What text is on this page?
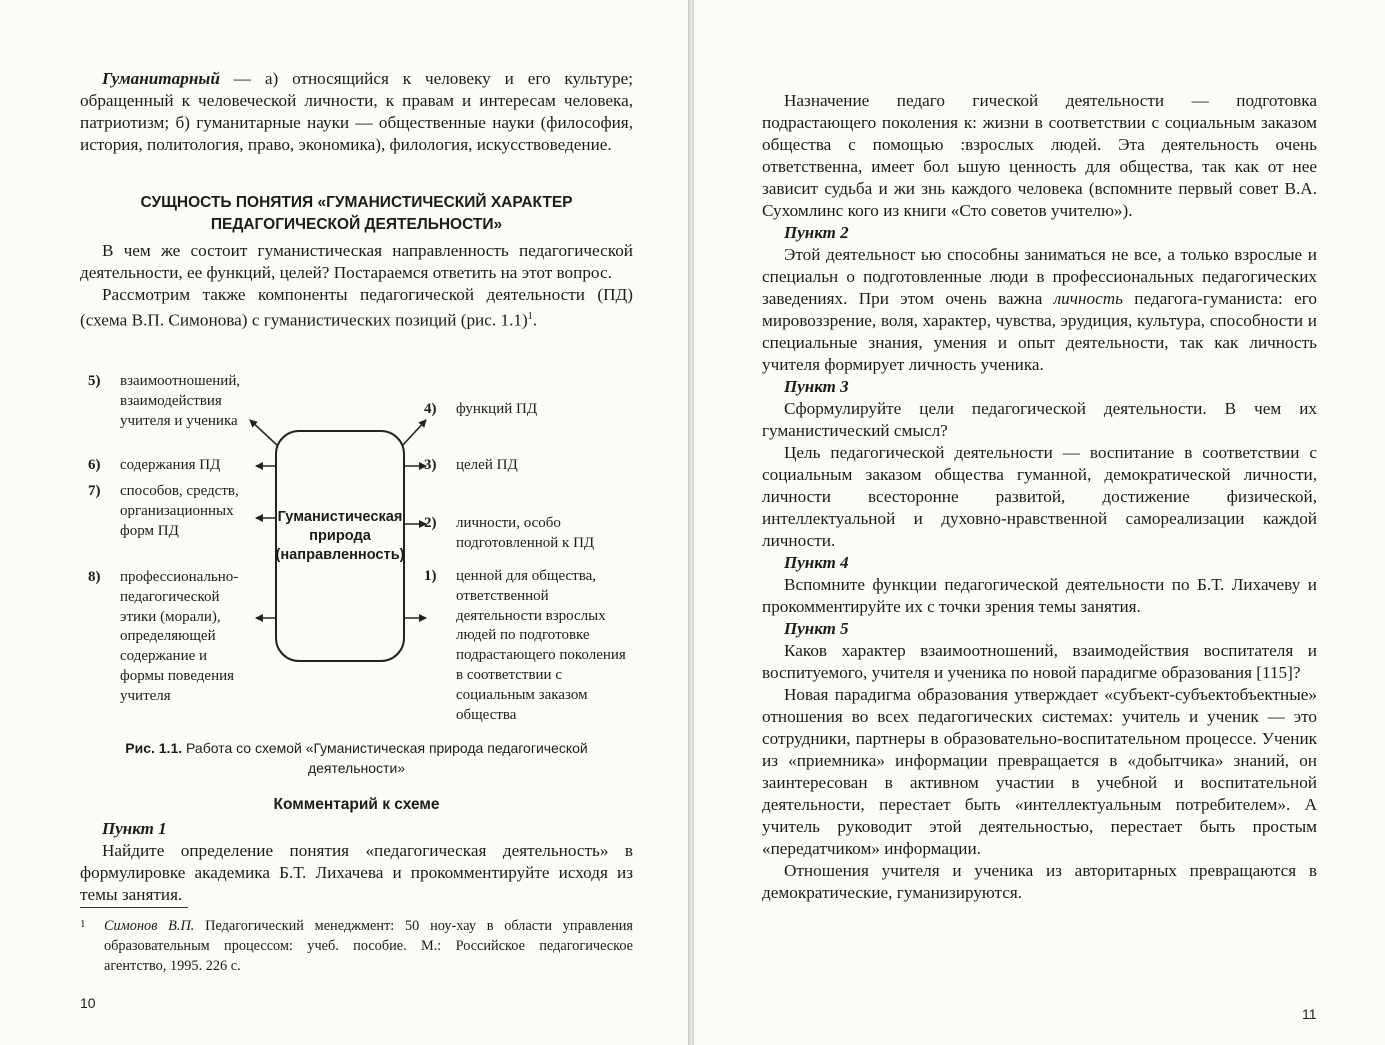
Гуманитарный — а) относящийся к человеку и его культуре; обращенный к человеческой личности, к правам и интересам человека, патриотизм; б) гуманитарные науки — общественные науки (философия, история, политология, право, экономика), филология, искусствоведение.

СУЩНОСТЬ ПОНЯТИЯ «ГУМАНИСТИЧЕСКИЙ ХАРАКТЕР ПЕДАГОГИЧЕСКОЙ ДЕЯТЕЛЬНОСТИ»

В чем же состоит гуманистическая направленность педагогической деятельности, ее функций, целей? Постараемся ответить на этот вопрос.

Рассмотрим также компоненты педагогической деятельности (ПД) (схема В.П. Симонова) с гуманистических позиций (рис. 1.1)$^1$.

Гуманистическая природа (направленность)
5) взаимоотношений, взаимодействия учителя и ученика
6) содержания ПД
7) способов, средств, организационных форм ПД
8) профессионально-педагогической этики (морали), определяющей содержание и формы поведения учителя
4) функций ПД
3) целей ПД
2) личности, особо подготовленной к ПД
1) ценной для общества, ответственной деятельности взрослых людей по подготовке подрастающего поколения в соответствии с социальным заказом общества
Рис. 1.1. Работа со схемой «Гуманистическая природа педагогической деятельности»
Комментарий к схеме

Пункт 1

Найдите определение понятия «педагогическая деятельность» в формулировке академика Б.Т. Лихачева и прокомментируйте исходя из темы занятия.

1 Симонов В.П. Педагогический менеджмент: 50 ноу-хау в области управления образовательным процессом: учеб. пособие. М.: Российское педагогическое агентство, 1995. 226 с.
10

Назначение педаго гической деятельности — подготовка подрастающего поколения к: жизни в соответствии с социальным заказом общества с помощью :взрослых людей. Эта деятельность очень ответственна, имеет бол ьшую ценность для общества, так как от нее зависит судьба и жи знь каждого человека (вспомните первый совет В.А. Сухомлинс кого из книги «Сто советов учителю»).

Пункт 2

Этой деятельност ью способны заниматься не все, а только взрослые и специальн о подготовленные люди в профессиональных педагогических заведениях. При этом очень важна личность педагога-гуманиста: его мировоззрение, воля, характер, чувства, эрудиция, культура, способности и специальные знания, умения и опыт деятельности, так как личность учителя формирует личность ученика.

Пункт 3

Сформулируйте цели педагогической деятельности. В чем их гуманистический смысл?

Цель педагогической деятельности — воспитание в соответствии с социальным заказом общества гуманной, демократической личности, личности всесторонне развитой, достижение физической, интеллектуальной и духовно-нравственной самореализации каждой личности.

Пункт 4

Вспомните функции педагогической деятельности по Б.Т. Лихачеву и прокомментируйте их с точки зрения темы занятия.

Пункт 5

Каков характер взаимоотношений, взаимодействия воспитателя и воспитуемого, учителя и ученика по новой парадигме образования [115]?

Новая парадигма образования утверждает «субъект-субъектобъектные» отношения во всех педагогических системах: учитель и ученик — это сотрудники, партнеры в образовательно-воспитательном процессе. Ученик из «приемника» информации превращается в «добытчика» знаний, он заинтересован в активном участии в учебной и воспитательной деятельности, перестает быть «интеллектуальным потребителем». А учитель руководит этой деятельностью, перестает быть простым «передатчиком» информации.

Отношения учителя и ученика из авторитарных превращаются в демократические, гуманизируются.

11
